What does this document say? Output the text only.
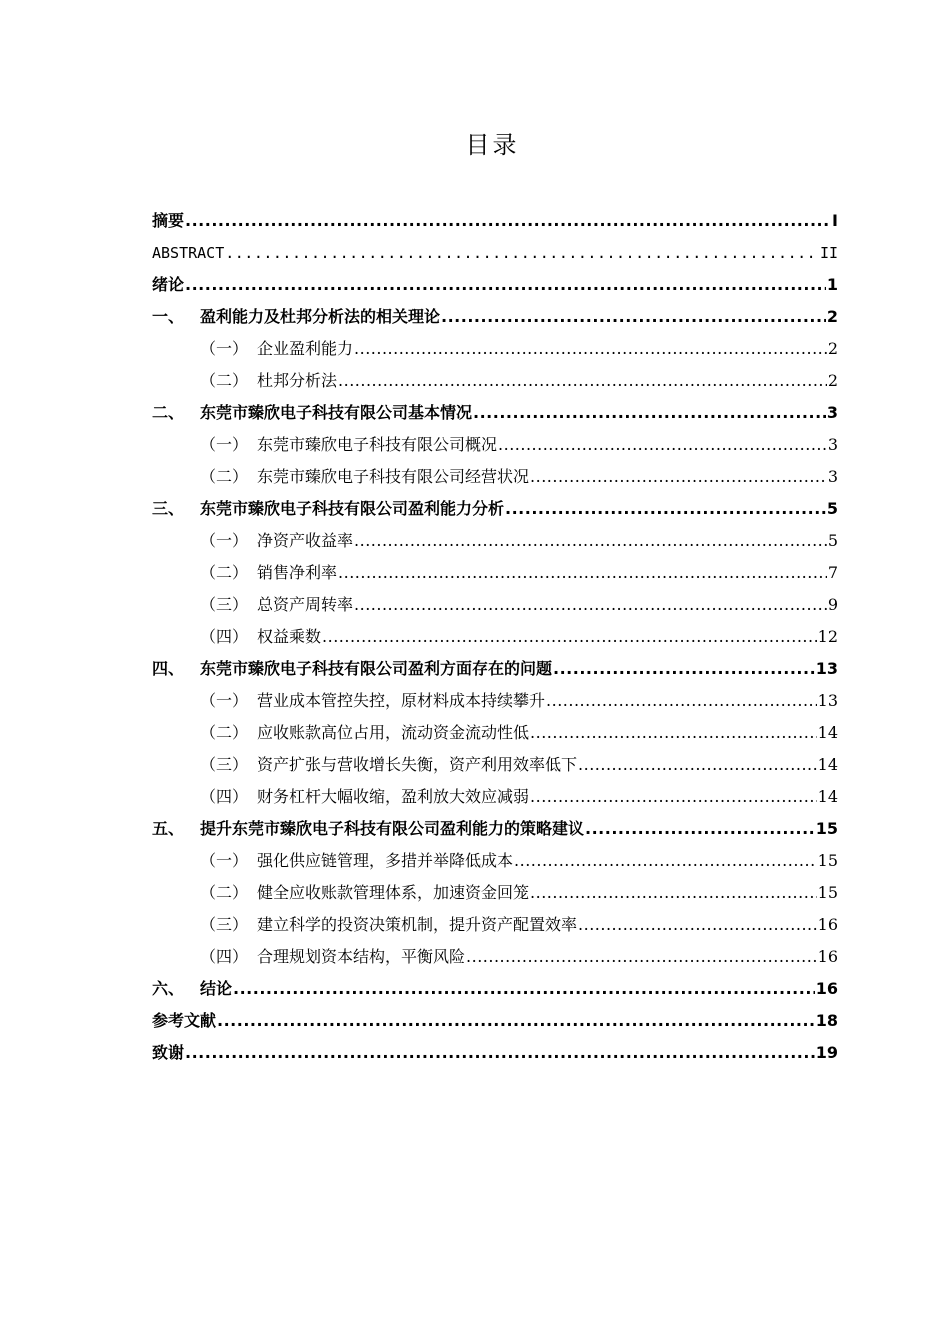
目录
摘要 .....	I
ABSTRACT .....	II
绪论 .....	1
一、 盈利能力及杜邦分析法的相关理论 .....	2
（一） 企业盈利能力 .....	2
（二） 杜邦分析法 .....	2
二、 东莞市臻欣电子科技有限公司基本情况 .....	3
（一） 东莞市臻欣电子科技有限公司概况 .....	3
（二） 东莞市臻欣电子科技有限公司经营状况 .....	3
三、 东莞市臻欣电子科技有限公司盈利能力分析 .....	5
（一） 净资产收益率 .....	5
（二） 销售净利率 .....	7
（三） 总资产周转率 .....	9
（四） 权益乘数 .....	12
四、 东莞市臻欣电子科技有限公司盈利方面存在的问题 .....	13
（一） 营业成本管控失控，原材料成本持续攀升 .....	13
（二） 应收账款高位占用，流动资金流动性低 .....	14
（三） 资产扩张与营收增长失衡，资产利用效率低下 .....	14
（四） 财务杠杆大幅收缩，盈利放大效应减弱 .....	14
五、 提升东莞市臻欣电子科技有限公司盈利能力的策略建议 .....	15
（一） 强化供应链管理，多措并举降低成本 .....	15
（二） 健全应收账款管理体系，加速资金回笼 .....	15
（三） 建立科学的投资决策机制，提升资产配置效率 .....	16
（四） 合理规划资本结构，平衡风险 .....	16
六、 结论 .....	16
参考文献 .....	18
致谢 .....	19
